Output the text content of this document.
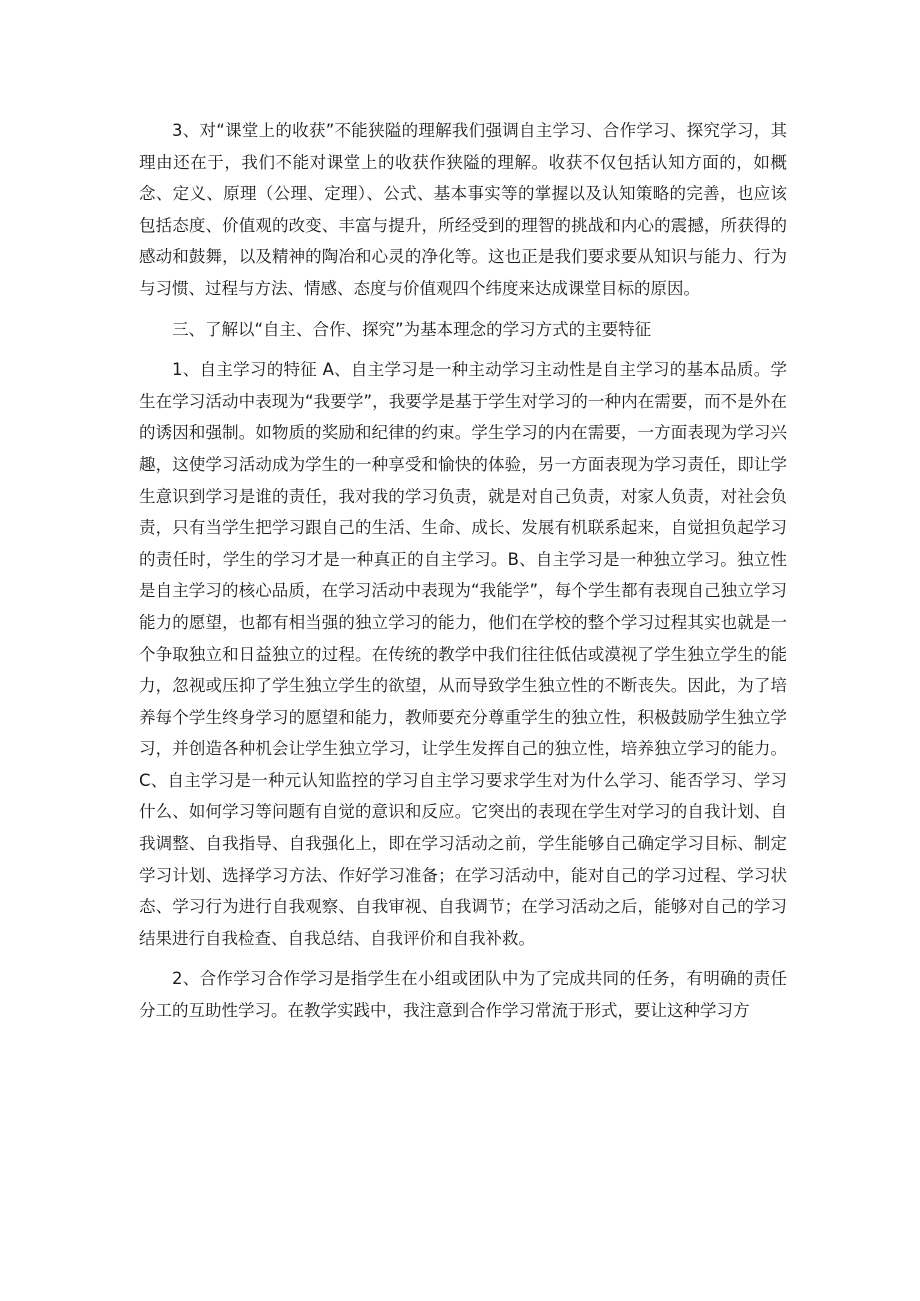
3、对“课堂上的收获”不能狭隘的理解我们强调自主学习、合作学习、探究学习，其理由还在于，我们不能对课堂上的收获作狭隘的理解。收获不仅包括认知方面的，如概念、定义、原理（公理、定理）、公式、基本事实等的掌握以及认知策略的完善，也应该包括态度、价值观的改变、丰富与提升，所经受到的理智的挑战和内心的震撼，所获得的感动和鼓舞，以及精神的陶冶和心灵的净化等。这也正是我们要求要从知识与能力、行为与习惯、过程与方法、情感、态度与价值观四个纬度来达成课堂目标的原因。

三、了解以“自主、合作、探究”为基本理念的学习方式的主要特征

1、自主学习的特征 A、自主学习是一种主动学习主动性是自主学习的基本品质。学生在学习活动中表现为“我要学”，我要学是基于学生对学习的一种内在需要，而不是外在的诱因和强制。如物质的奖励和纪律的约束。学生学习的内在需要，一方面表现为学习兴趣，这使学习活动成为学生的一种享受和愉快的体验，另一方面表现为学习责任，即让学生意识到学习是谁的责任，我对我的学习负责，就是对自己负责，对家人负责，对社会负责，只有当学生把学习跟自己的生活、生命、成长、发展有机联系起来，自觉担负起学习的责任时，学生的学习才是一种真正的自主学习。B、自主学习是一种独立学习。独立性是自主学习的核心品质，在学习活动中表现为“我能学”，每个学生都有表现自己独立学习能力的愿望，也都有相当强的独立学习的能力，他们在学校的整个学习过程其实也就是一个争取独立和日益独立的过程。在传统的教学中我们往往低估或漠视了学生独立学生的能力，忽视或压抑了学生独立学生的欲望，从而导致学生独立性的不断丧失。因此，为了培养每个学生终身学习的愿望和能力，教师要充分尊重学生的独立性，积极鼓励学生独立学习，并创造各种机会让学生独立学习，让学生发挥自己的独立性，培养独立学习的能力。C、自主学习是一种元认知监控的学习自主学习要求学生对为什么学习、能否学习、学习什么、如何学习等问题有自觉的意识和反应。它突出的表现在学生对学习的自我计划、自我调整、自我指导、自我强化上，即在学习活动之前，学生能够自己确定学习目标、制定学习计划、选择学习方法、作好学习准备；在学习活动中，能对自己的学习过程、学习状态、学习行为进行自我观察、自我审视、自我调节；在学习活动之后，能够对自己的学习结果进行自我检查、自我总结、自我评价和自我补救。

2、合作学习合作学习是指学生在小组或团队中为了完成共同的任务，有明确的责任分工的互助性学习。在教学实践中，我注意到合作学习常流于形式，要让这种学习方
